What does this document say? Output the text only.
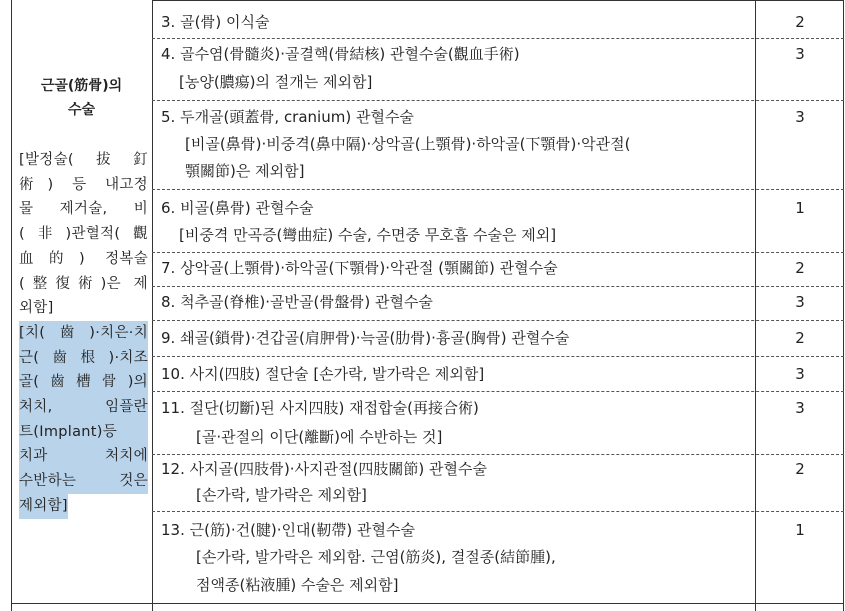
근골(筋骨)의
수술
[발정술(拔釘
術) 등 내고정
물 제거술, 비
(非)관혈적(觀
血的) 정복술
(整復術)은 제
외함]
[치(齒)·치은·치
근(齒根)·치조
골(齒槽骨)의
처치, 임플란
트(Implant)등
치과 처치에
수반하는 것은
제외함]
3. 골(骨) 이식술	2
4. 골수염(骨髓炎)·골결핵(骨結核) 관혈수술(觀血手術)
[농양(膿瘍)의 절개는 제외함]
3
5. 두개골(頭蓋骨, cranium) 관혈수술
[비골(鼻骨)·비중격(鼻中隔)·상악골(上顎骨)·하악골(下顎骨)·악관절(
顎關節)은 제외함]
3
6. 비골(鼻骨) 관혈수술
[비중격 만곡증(彎曲症) 수술, 수면중 무호흡 수술은 제외]
1
7. 상악골(上顎骨)·하악골(下顎骨)·악관절 (顎關節) 관혈수술	2
8. 척추골(脊椎)·골반골(骨盤骨) 관혈수술	3
9. 쇄골(鎖骨)·견갑골(肩胛骨)·늑골(肋骨)·흉골(胸骨) 관혈수술	2
10. 사지(四肢) 절단술 [손가락, 발가락은 제외함]	3
11. 절단(切斷)된 사지四肢) 재접합술(再接合術)
[골·관절의 이단(離斷)에 수반하는 것]
3
12. 사지골(四肢骨)·사지관절(四肢關節) 관혈수술
[손가락, 발가락은 제외함]
2
13. 근(筋)·건(腱)·인대(靭帶) 관혈수술
[손가락, 발가락은 제외함. 근염(筋炎), 결절종(結節腫),
점액종(粘液腫) 수술은 제외함]
1
